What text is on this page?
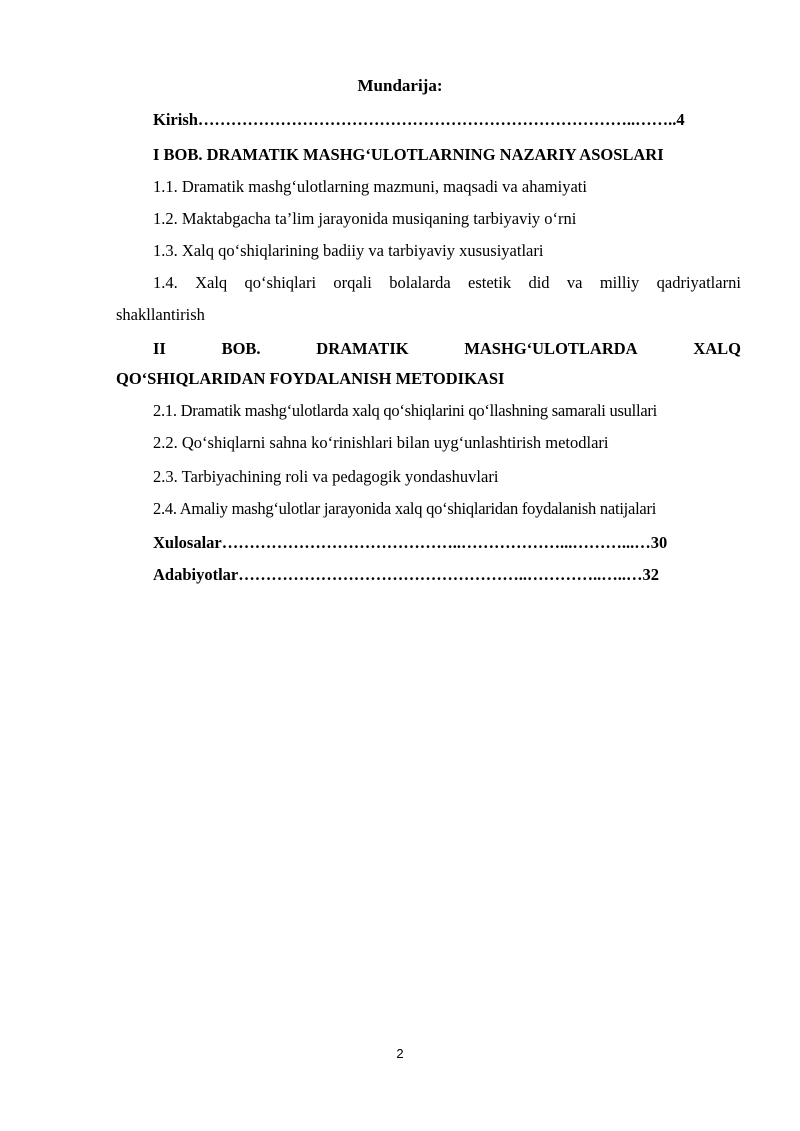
Mundarija:
Kirish……………………………………………………………………..……..4
I BOB. DRAMATIK MASHG‘ULOTLARNING NAZARIY ASOSLARI
1.1. Dramatik mashg‘ulotlarning mazmuni, maqsadi va ahamiyati
1.2. Maktabgacha ta’lim jarayonida musiqaning tarbiyaviy o‘rni
1.3. Xalq qo‘shiqlarining badiiy va tarbiyaviy xususiyatlari
1.4. Xalq qo‘shiqlari orqali bolalarda estetik did va milliy qadriyatlarni
shakllantirish
II	BOB.	DRAMATIK	MASHG‘ULOTLARDA	XALQ
QO‘SHIQLARIDAN FOYDALANISH METODIKASI
2.1. Dramatik mashg‘ulotlarda xalq qo‘shiqlarini qo‘llashning samarali usullari
2.2. Qo‘shiqlarni sahna ko‘rinishlari bilan uyg‘unlashtirish metodlari
2.3. Tarbiyachining roli va pedagogik yondashuvlari
2.4. Amaliy mashg‘ulotlar jarayonida xalq qo‘shiqlaridan foydalanish natijalari
Xulosalar……………………………………..………………...………...…30
Adabiyotlar……………………………………………..…………..…..…32
2
